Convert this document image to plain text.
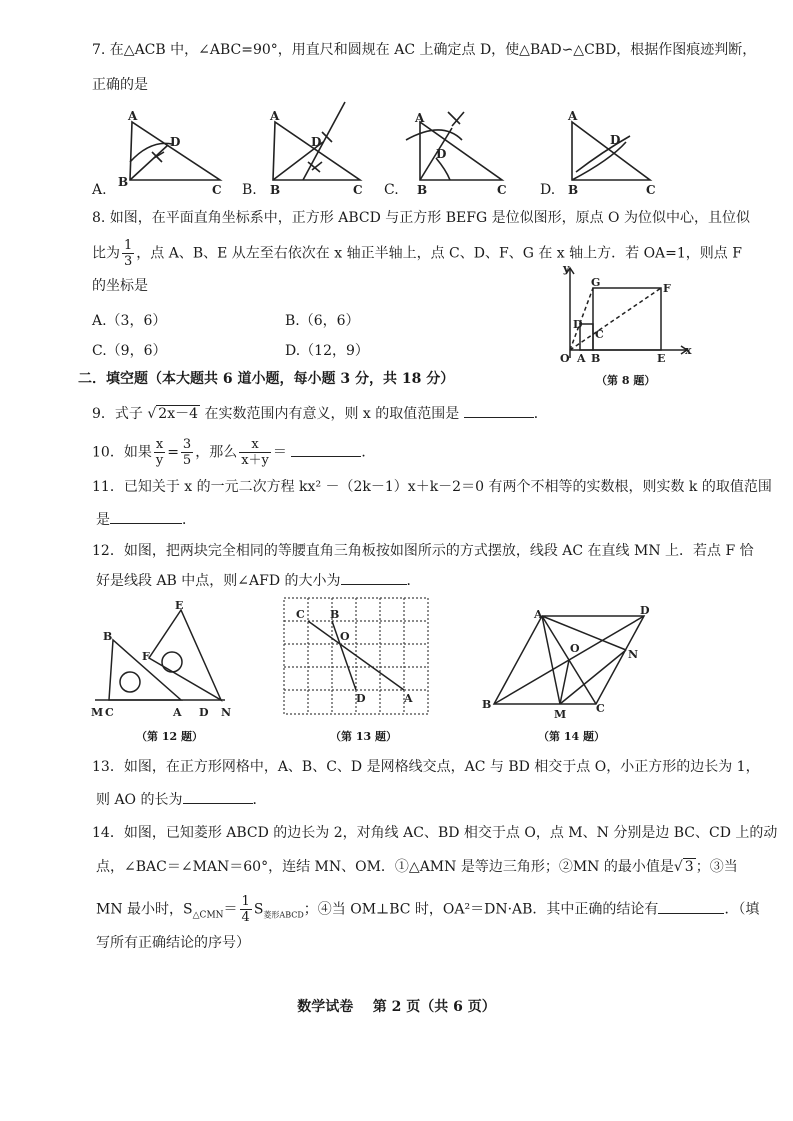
7. 在△ACB 中，∠ABC=90°，用直尺和圆规在 AC 上确定点 D，使△BAD∽△CBD，根据作图痕迹判断，
正确的是
A
B
C
D
A
B	C
D
A
B	C
D
A
B	C
D
A.	B.	C.	D.
8. 如图，在平面直角坐标系中，正方形 ABCD 与正方形 BEFG 是位似图形，原点 O 为位似中心，且位似
比为 $\frac{1}{3}$ ，点 A、B、E 从左至右依次在 x 轴正半轴上，点 C、D、F、G 在 x 轴上方．若 OA=1，则点 F
的坐标是
A.（3，6）	B.（6，6）
C.（9，6）	D.（12，9）
y
x
O A B	E
C
D
F
G
（第 8 题）
二．填空题（本大题共 6 道小题，每小题 3 分，共 18 分）
9．式子 √ 2x－4 在实数范围内有意义，则 x 的取值范围是	．
10．如果 $\frac{x}{y} = \frac{3}{5}$ ，那么 $\frac{x}{x+y}$ ＝	．
11．已知关于 x 的一元二次方程 kx² －（2k－1）x＋k－2＝0 有两个不相等的实数根，则实数 k 的取值范围
是	．
12．如图，把两块完全相同的等腰直角三角板按如图所示的方式摆放，线段 AC 在直线 MN 上．若点 F 恰
好是线段 AB 中点，则∠AFD 的大小为	．
B
E
F
M C	A D N
（第 12 题）
C B
O
D	A
（第 13 题）
A	D
O	N
B
M	C
（第 14 题）
13．如图，在正方形网格中，A、B、C、D 是网格线交点，AC 与 BD 相交于点 O，小正方形的边长为 1，
则 AO 的长为	．
14．如图，已知菱形 ABCD 的边长为 2，对角线 AC、BD 相交于点 O，点 M、N 分别是边 BC、CD 上的动
点，∠BAC＝∠MAN＝60°，连结 MN、OM．①△AMN 是等边三角形；②MN 的最小值是√ 3 ；③当
MN 最小时，$S_{\triangle CMN}= \frac{1}{4} S_{菱形ABCD}$；④当 OM⊥BC 时，OA²＝DN·AB．其中正确的结论有	．（填
写所有正确结论的序号）
数学试卷    第 2 页（共 6 页）
